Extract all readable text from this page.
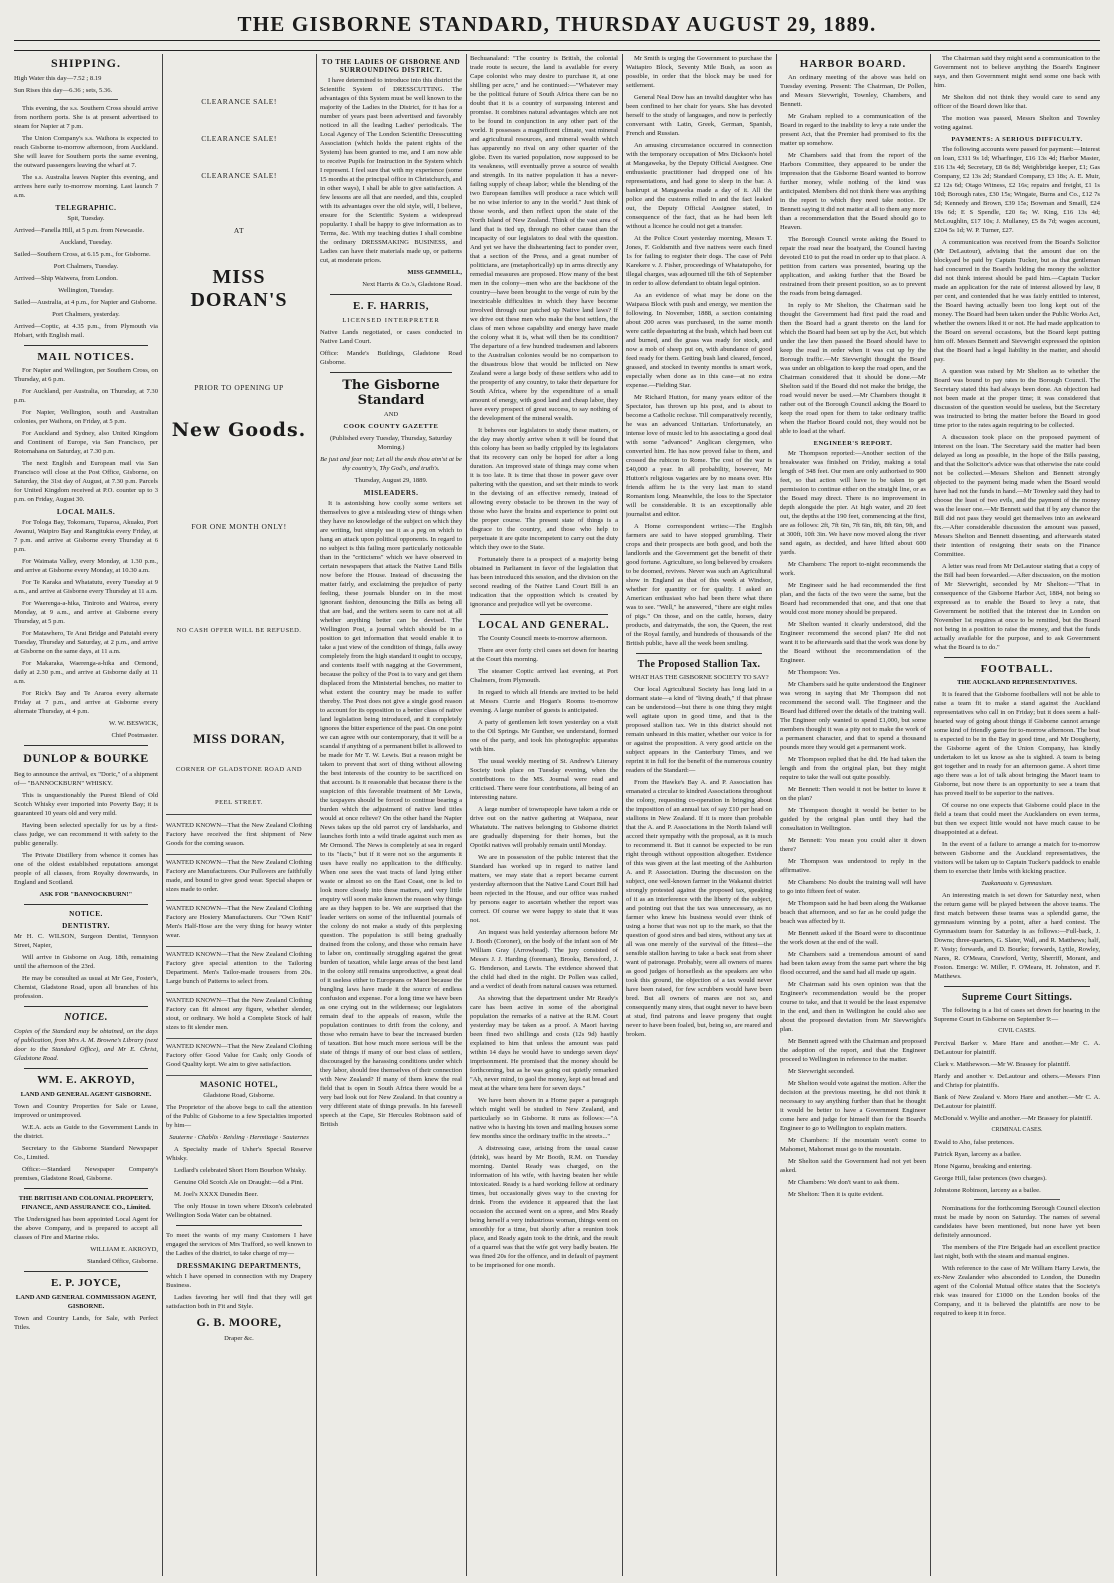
THE GISBORNE STANDARD, THURSDAY AUGUST 29, 1889.
SHIPPING.

High Water this day—7.52 ; 8.19

Sun Rises this day—6.36 ; sets, 5.36.

This evening, the s.s. Southern Cross should arrive from northern ports. She is at present advertised to steam for Napier at 7 p.m.

The Union Company's s.s. Waihora is expected to reach Gisborne to-morrow afternoon, from Auckland. She will leave for Southern ports the same evening, the outward passengers leaving the wharf at 7.

The s.s. Australia leaves Napier this evening, and arrives here early to-morrow morning. Last launch 7 a.m.

TELEGRAPHIC.

Spit, Tuesday.

Arrived—Fanella Hill, at 5 p.m. from Newcastle.

Auckland, Tuesday.

Sailed—Southern Cross, at 6.15 p.m., for Gisborne.

Port Chalmers, Tuesday.

Arrived—Ship Waiwera, from London.

Wellington, Tuesday.

Sailed—Australia, at 4 p.m., for Napier and Gisborne.

Port Chalmers, yesterday.

Arrived—Coptic, at 4.35 p.m., from Plymouth via Hobart, with English mail.

MAIL NOTICES.

For Napier and Wellington, per Southern Cross, on Thursday, at 6 p.m.

For Auckland, per Australia, on Thursday, at 7.30 p.m.

For Napier, Wellington, south and Australian colonies, per Waihora, on Friday, at 5 p.m.

For Auckland and Sydney, also United Kingdom and Continent of Europe, via San Francisco, per Rotomahana on Saturday, at 7.30 p.m.

The next English and European mail via San Francisco will close at the Post Office, Gisborne, on Saturday, the 31st day of August, at 7.30 p.m. Parcels for United Kingdom received at P.O. counter up to 3 p.m. on Friday, August 30.

LOCAL MAILS.

For Tologa Bay, Tokomaru, Tuparoa, Akuaku, Port Awanui, Waipiro Bay and Rangitukia every Friday, at 7 p.m. and arrive at Gisborne every Thursday at 6 p.m.

For Waimata Valley, every Monday, at 1.30 p.m., and arrive at Gisborne every Monday, at 10.30 a.m.

For Te Karaka and Whatatutu, every Tuesday at 9 a.m., and arrive at Gisborne every Thursday at 11 a.m.

For Waerenga-a-hika, Tiniroto and Wairoa, every Monday, at 9 a.m., and arrive at Gisborne every Thursday, at 5 p.m.

For Matawhero, Te Arai Bridge and Patutahi every Tuesday, Thursday and Saturday, at 2 p.m., and arrive at Gisborne on the same days, at 11 a.m.

For Makaraka, Waerenga-a-hika and Ormond, daily at 2.30 p.m., and arrive at Gisborne daily at 11 a.m.

For Rick's Bay and Te Araroa every alternate Friday at 7 p.m., and arrive at Gisborne every alternate Thursday, at 4 p.m.

W. W. BESWICK,

Chief Postmaster.

DUNLOP & BOURKE

Beg to announce the arrival, ex "Doric," of a shipment of— "BANNOCKBURN" WHISKY.

This is unquestionably the Purest Blend of Old Scotch Whisky ever imported into Poverty Bay; it is guaranteed 10 years old and very mild.

Having been selected specially for us by a first-class judge, we can recommend it with safety to the public generally.

The Private Distillery from whence it comes has one of the oldest established reputations amongst people of all classes, from Royalty downwards, in England and Scotland.

ASK FOR "BANNOCKBURN!"

NOTICE.
DENTISTRY.

Mr H. C. WILSON, Surgeon Dentist, Tennyson Street, Napier,

Will arrive in Gisborne on Aug. 18th, remaining until the afternoon of the 23rd.

He may be consulted as usual at Mr Gee, Foster's, Chemist, Gladstone Road, upon all branches of his profession.

NOTICE.

Copies of the Standard may be obtained, on the days of publication, from Mrs A. M. Browne's Library (next door to the Standard Office), and Mr E. Christ, Gladstone Road.

WM. E. AKROYD,

LAND AND GENERAL AGENT GISBORNE.

Town and Country Properties for Sale or Lease, improved or unimproved.

W.E.A. acts as Guide to the Government Lands in the district.

Secretary to the Gisborne Standard Newspaper Co., Limited.

Office:—Standard Newspaper Company's premises, Gladstone Road, Gisborne.

THE BRITISH AND COLONIAL PROPERTY, FINANCE, AND ASSURANCE CO., Limited.

The Undersigned has been appointed Local Agent for the above Company, and is prepared to accept all classes of Fire and Marine risks.

WILLIAM E. AKROYD,

Standard Office, Gisborne.

E. P. JOYCE,

LAND AND GENERAL COMMISSION AGENT, GISBORNE.

Town and Country Lands, for Sale, with Perfect Titles.

CLEARANCE SALE!
CLEARANCE SALE!
CLEARANCE SALE!
AT
MISS DORAN'S
PRIOR TO OPENING UP
New Goods.
FOR ONE MONTH ONLY!
NO CASH OFFER WILL BE REFUSED.
MISS DORAN,
CORNER OF GLADSTONE ROAD AND
PEEL STREET.

WANTED KNOWN—That the New Zealand Clothing Factory have received the first shipment of New Goods for the coming season.

WANTED KNOWN—That the New Zealand Clothing Factory are Manufacturers. Our Pullovers are faithfully made, and bound to give good wear. Special shapes or sizes made to order.

WANTED KNOWN—That the New Zealand Clothing Factory are Hosiery Manufacturers. Our "Own Knit" Men's Half-Hose are the very thing for heavy winter wear.

WANTED KNOWN—That the New Zealand Clothing Factory give special attention to the Tailoring Department. Men's Tailor-made trousers from 20s. Large bunch of Patterns to select from.

WANTED KNOWN—That the New Zealand Clothing Factory can fit almost any figure, whether slender, stout, or ordinary. We hold a Complete Stock of half sizes to fit slender men.

WANTED KNOWN—That the New Zealand Clothing Factory offer Good Value for Cash; only Goods of Good Quality kept. We aim to give satisfaction.

MASONIC HOTEL,

Gladstone Road, Gisborne.

The Proprietor of the above begs to call the attention of the Public of Gisborne to a few Specialties imported by him—

Sauterne · Chablis · Reisling · Hermitage · Sauternes

A Specialty made of Usher's Special Reserve Whisky.

Ledlard's celebrated Short Horn Bourbon Whisky.

Genuine Old Scotch Ale on Draught:—6d a Pint.

M. Joel's XXXX Dunedin Beer.

The only House in town where Dixon's celebrated Wellington Soda Water can be obtained.

To meet the wants of my many Customers I have engaged the services of Mrs Trafford, so well known to the Ladies of the district, to take charge of my—

DRESSMAKING DEPARTMENTS,

which I have opened in connection with my Drapery Business.

Ladies favoring her will find that they will get satisfaction both in Fit and Style.

G. B. MOORE,

Draper &c.

TO THE LADIES OF GISBORNE AND SURROUNDING DISTRICT.

I have determined to introduce into this district the Scientific System of DRESSCUTTING. The advantages of this System must be well known to the majority of the Ladies in the District, for it has for a number of years past been advertised and favorably noticed in all the leading Ladies' periodicals. The Local Agency of The London Scientific Dresscutting Association (which holds the patent rights of the System) has been granted to me, and I am now able to receive Pupils for Instruction in the System which I represent. I feel sure that with my experience (some 15 months at the principal office in Christchurch, and in other ways), I shall be able to give satisfaction. A few lessons are all that are needed, and this, coupled with its advantages over the old style, will, I believe, ensure for the Scientific System a widespread popularity. I shall be happy to give information as to Terms, &c. With my teaching duties I shall combine the ordinary DRESSMAKING BUSINESS, and Ladies can have their materials made up, or patterns cut, at moderate prices.

MISS GEMMELL,

Next Harris & Co.'s, Gladstone Road.

E. F. HARRIS,

LICENSED INTERPRETER

Native Lands negotiated, or cases conducted in Native Land Court.

Office: Mande's Buildings, Gladstone Road Gisborne.

The Gisborne Standard

AND

COOK COUNTY GAZETTE

(Published every Tuesday, Thursday, Saturday Morning.)

Be just and fear not; Let all the ends thou aim'st at be thy country's, Thy God's, and truth's.

Thursday, August 29, 1889.

MISLEADERS.

It is astonishing how coolly some writers set themselves to give a misleading view of things when they have no knowledge of the subject on which they are writing, but simply use it as a peg on which to hang an attack upon political opponents. In regard to no subject is this failing more particularly noticeable than in the "criticisms" which we have observed in certain newspapers that attack the Native Land Bills now before the House. Instead of discussing the matter fairly, and exclaiming the prejudice of party feeling, these journals blunder on in the most ignorant fashion, denouncing the Bills as being all that are bad, and the writers seem to care not at all whether anything better can be devised. The Wellington Post, a journal which should be in a position to get information that would enable it to take a just view of the condition of things, falls away completely from the high standard it ought to occupy, and contents itself with nagging at the Government, because the policy of the Post is to vary and get them displaced from the Ministerial benches, no matter to what extent the country may be made to suffer thereby. The Post does not give a single good reason to account for its opposition to a better class of native land legislation being introduced, and it completely ignores the bitter experience of the past. On one point we can agree with our contemporary, that it will be a scandal if anything of a permanent billet is allowed to be made for Mr T. W. Lewis. But a reason might be taken to prevent that sort of thing without allowing the best interests of the country to be sacrificed on that account. Is it reasonable that because there is the suspicion of this favorable treatment of Mr Lewis, the taxpayers should be forced to continue bearing a burden which the adjustment of native land titles would at once relieve? On the other hand the Napier News takes up the old parrot cry of landsharks, and launches forth into a wild tirade against such men as Mr Ormond. The News is completely at sea in regard to its "facts," but if it were not so the arguments it uses have really no application to the difficulty. When one sees the vast tracts of land lying either waste or almost so on the East Coast, one is led to look more closely into these matters, and very little enquiry will soon make known the reason why things are as they happen to be. We are surprised that the leader writers on some of the influential journals of the colony do not make a study of this perplexing question. The population is still being gradually drained from the colony, and those who remain have to labor on, continually struggling against the great burden of taxation, while large areas of the best land in the colony still remains unproductive, a great deal of it useless either to Europeans or Maori because the bungling laws have made it the source of endless confusion and expense. For a long time we have been as one crying out in the wilderness; our legislators remain deaf to the appeals of reason, while the population continues to drift from the colony, and those who remain have to bear the increased burden of taxation. But how much more serious will be the state of things if many of our best class of settlers, discouraged by the harassing conditions under which they labor, should free themselves of their connection with New Zealand? If many of them knew the real field that is open in South Africa there would be a very bad look out for New Zealand. In that country a very different state of things prevails. In his farewell speech at the Cape, Sir Hercules Robinson said of British

Bechuanaland: "The country is British, the colonial trade route is secure, the land is available for every Cape colonist who may desire to purchase it, at one shilling per acre," and he continued:—"Whatever may be the political future of South Africa there can be no doubt that it is a country of surpassing interest and promise. It combines natural advantages which are not to be found in conjunction in any other part of the world. It possesses a magnificent climate, vast mineral and agricultural resources, and mineral wealth which has apparently no rival on any other quarter of the globe. Even its varied population, now supposed to be its weakness, will eventually prove a source of wealth and strength. In its native population it has a never-failing supply of cheap labor; while the blending of the two European families will produce a race which will be no wise inferior to any in the world." Just think of those words, and then reflect upon the state of the North Island of New Zealand. Think of the vast area of land that is tied up, through no other cause than the incapacity of our legislators to deal with the question. And yet we have the disheartening fact to ponder over, that a section of the Press, and a great number of politicians, are (metaphorically) up in arms directly any remedial measures are proposed. How many of the best men in the colony—men who are the backbone of the country—have been brought to the verge of ruin by the inextricable difficulties in which they have become involved through our patched up Native land laws? If we drive out these men who make the best settlers, the class of men whose capability and energy have made the colony what it is, what will then be its condition? The departure of a few hundred tradesmen and laborers to the Australian colonies would be no comparison to the disastrous blow that would be inflicted on New Zealand were a large body of these settlers who add to the prosperity of any country, to take their departure for South Africa, where by the expenditure of a small amount of energy, with good land and cheap labor, they have every prospect of great success, to say nothing of the development of the mineral wealth.

It behoves our legislators to study these matters, or the day may shortly arrive when it will be found that this colony has been so badly crippled by its legislators that its recovery can only be hoped for after a long duration. An improved state of things may come when it is too late. It is time that those in power gave over paltering with the question, and set their minds to work in the devising of an effective remedy, instead of allowing every obstacle to be thrown in the way of those who have the brains and experience to point out the proper course. The present state of things is a disgrace to the country, and those who help to perpetuate it are quite incompetent to carry out the duty which they owe to the State.

Fortunately there is a prospect of a majority being obtained in Parliament in favor of the legislation that has been introduced this session, and the division on the second reading of the Native Land Court Bill is an indication that the opposition which is created by ignorance and prejudice will yet be overcome.

LOCAL AND GENERAL.

The County Council meets to-morrow afternoon.

There are over forty civil cases set down for hearing at the Court this morning.

The steamer Coptic arrived last evening, at Port Chalmers, from Plymouth.

In regard to which all friends are invited to be held at Messrs Currie and Hogan's Rooms to-morrow evening. A large number of guests is anticipated.

A party of gentlemen left town yesterday on a visit to the Oil Springs. Mr Gunther, we understand, formed one of the party, and took his photographic apparatus with him.

The usual weekly meeting of St. Andrew's Literary Society took place on Tuesday evening, when the contributions to the MS. Journal were read and criticised. There were four contributions, all being of an interesting nature.

A large number of townspeople have taken a ride or drive out on the native gathering at Waipaoa, near Whatatutu. The natives belonging to Gisborne district are gradually dispersing for their homes, but the Opotiki natives will probably remain until Monday.

We are in possession of the public interest that the Standard has worked up in regard to native land matters, we may state that a report became current yesterday afternoon that the Native Land Court Bill had been rejected in the House, and our office was rushed by persons eager to ascertain whether the report was correct. Of course we were happy to state that it was not.

An inquest was held yesterday afternoon before Mr J. Booth (Coroner), on the body of the infant son of Mr William Gray (Arrowhead). The jury consisted of Messrs J. J. Harding (foreman), Brooks, Beresford, J. G. Henderson, and Lewis. The evidence showed that the child had died in the night. Dr Pollen was called, and a verdict of death from natural causes was returned.

As showing that the department under Mr Ready's care has been active in some of the aboriginal population the remarks of a native at the R.M. Court yesterday may be taken as a proof. A Maori having been fined two shillings and costs (12s 9d) hastily explained to him that unless the amount was paid within 14 days he would have to undergo seven days' imprisonment. He promised that the money should be forthcoming, but as he was going out quietly remarked "Ah, never mind, to gaol the money, kept eat bread and meat at the whare tera here for seven days."

We have been shown in a Home paper a paragraph which might well be studied in New Zealand, and particularly so in Gisborne. It runs as follows:—"A native who is having his town and mailing houses some few months since the ordinary traffic in the streets..."

A distressing case, arising from the usual cause (drink), was heard by Mr Booth, R.M. on Tuesday morning. Daniel Ready was charged, on the information of his wife, with having beaten her while intoxicated. Ready is a hard working fellow at ordinary times, but occasionally gives way to the craving for drink. From the evidence it appeared that the last occasion the accused went on a spree, and Mrs Ready being herself a very industrious woman, things went on smoothly for a time, but shortly after a reunion took place, and Ready again took to the drink, and the result of a quarrel was that the wife got very badly beaten. He was fined 20s for the offence, and in default of payment to be imprisoned for one month.

Mr Smith is urging the Government to purchase the Waitapiro Block, Seventy Mile Bush, as soon as possible, in order that the block may be used for settlement.

General Neal Dow has an invalid daughter who has been confined to her chair for years. She has devoted herself to the study of languages, and now is perfectly conversant with Latin, Greek, German, Spanish, French and Russian.

An amusing circumstance occurred in connection with the temporary occupation of Mrs Dickson's hotel at Mangaweka, by the Deputy Official Assignee. One enthusiastic practitioner had dropped one of his representations, and had gone to sleep in the bar. A bankrupt at Mangaweka made a day of it. All the police and the customs rolled in and the fact leaked out, the Deputy Official Assignee stated, in consequence of the fact, that as he had been left without a licence he could not get a transfer.

At the Police Court yesterday morning, Messrs T. Jones, F. Goldsmith and five natives were each fined 1s for failing to register their dogs. The case of Pehi Karekere v. J. Fisher, proceedings of Whatatupoho, for illegal charges, was adjourned till the 6th of September in order to allow defendant to obtain legal opinion.

As an evidence of what may be done on the Waipaoa Block with push and energy, we mention the following. In November, 1888, a section containing about 200 acres was purchased, in the same month were cattle depasturing at the bush, which had been cut and burned, and the grass was ready for stock, and now a mob of sheep put on, with abundance of good feed ready for them. Getting bush land cleared, fenced, grassed, and stocked in twenty months is smart work, especially when done as in this case—at no extra expense.—Fielding Star.

Mr Richard Hutton, for many years editor of the Spectator, has thrown up his post, and is about to become a Catholic recluse. Till comparatively recently, he was an advanced Unitarian. Unfortunately, an intense love of music led to his associating a good deal with some "advanced" Anglican clergymen, who converted him. He has now proved false to them, and crossed the rubicon to Rome. The cost of the war is £40,000 a year. In all probability, however, Mr Hutton's religious vagaries are by no means over. His friends affirm he is the very last man to stand Romanism long. Meanwhile, the loss to the Spectator will be considerable. It is an exceptionally able journalist and editor.

A Home correspondent writes:—The English farmers are said to have stopped grumbling. Their crops and their prospects are both good, and both the landlords and the Government get the benefit of their good fortune. Agriculture, so long believed by croakers to be doomed, revives. Never was such an Agricultural show in England as that of this week at Windsor, whether for quantity or for quality. I asked an American enthusiast who had been there what there was to see. "Well," he answered, "there are eight miles of pigs." On those, and on the cattle, horses, dairy products, and dairymaids, the son, the Queen, the rest of the Royal family, and hundreds of thousands of the British public, have all the week been smiling.

The Proposed Stallion Tax.

WHAT HAS THE GISBORNE SOCIETY TO SAY?

Our local Agricultural Society has long laid in a dormant state—a kind of "living death," if that phrase can be understood—but there is one thing they might well agitate upon in good time, and that is the proposed stallion tax. We in this district should not remain unheard in this matter, whether our voice is for or against the proposition. A very good article on the subject appears in the Canterbury Times, and we reprint it in full for the benefit of the numerous country readers of the Standard:—

From the Hawke's Bay A. and P. Association has emanated a circular to kindred Associations throughout the colony, requesting co-operation in bringing about the imposition of an annual tax of say £10 per head on stallions in New Zealand. If it is more than probable that the A. and P. Associations in the North Island will accord their sympathy with the proposal, as it is much to recommend it. But it cannot be expected to be run right through without opposition altogether. Evidence of this was given at the last meeting of the Ashburton A. and P. Association. During the discussion on the subject, one well-known farmer in the Wakanui district strongly protested against the proposed tax, speaking of it as an interference with the liberty of the subject, and pointing out that the tax was unnecessary, as no farmer who knew his business would ever think of using a horse that was not up to the mark, so that the question of good sires and bad sires, without any tax at all was one merely of the survival of the fittest—the sensible stallion having to take a back seat from sheer want of patronage. Probably, were all owners of mares as good judges of horseflesh as the speakers are who took this ground, the objection of a tax would never have been raised, for few scrubbers would have been bred. But all owners of mares are not so, and consequently many sires, that ought never to have been at stud, find patrons and leave progeny that ought never to have been foaled, but, being so, are reared and broken.

HARBOR BOARD.

An ordinary meeting of the above was held on Tuesday evening. Present: The Chairman, Dr Pollen, and Messrs Sievwright, Townley, Chambers, and Bennett.

Mr Graham replied to a communication of the Board in regard to the inability to levy a rate under the present Act, that the Premier had promised to fix the matter up somehow.

Mr Chambers said that from the report of the Harbors Committee, they appeared to be under the impression that the Gisborne Board wanted to borrow further money, while nothing of the kind was anticipated. Members did not think there was anything in the report to which they need take notice. Dr Bennett saying it did not matter at all to them any more than a recommendation that the Board should go to Heaven.

The Borough Council wrote asking the Board to repair the road near the boatyard, the Council having devoted £10 to put the road in order up to that place. A petition from carters was presented, bearing up the application, and asking further that the Board be restrained from their present position, so as to prevent the roads from being damaged.

In reply to Mr Shelton, the Chairman said he thought the Government had first paid the road and then the Board had a grant thereto on the land for which the Board had been set up by the Act, but which under the law then passed the Board should have to keep the road in order when it was cut up by the Borough traffic.—Mr Sievwright thought the Board was under an obligation to keep the road open, and the Chairman considered that it should be done.—Mr Shelton said if the Board did not make the bridge, the road would never be used.—Mr Chambers thought it rather out of the Borough Council asking the Board to keep the road open for them to take ordinary traffic when the Harbor Board could not, they would not be able to load at the wharf.

ENGINEER'S REPORT.

Mr Thompson reported:—Another section of the breakwater was finished on Friday, making a total length of 348 feet. Our men are only authorised to 900 feet, so that action will have to be taken to get permission to continue either on the straight line, or as the Board may direct. There is no improvement in depth alongside the pier. At high water, and 20 feet out, the depths at the 190 feet, commencing at the first, are as follows: 2ft, 7ft 6in, 7ft 6in, 8ft, 8ft 6in, 9ft, and at 300ft, 10ft 3in. We have now moved along the river sand again, as decided, and have lifted about 600 yards.

Mr Chambers: The report to-night recommends the work.

Mr Engineer said he had recommended the first plan, and the facts of the two were the same, but the Board had recommended that one, and that one that would cost more money should be prepared.

Mr Shelton wanted it clearly understood, did the Engineer recommend the second plan? He did not want it to be afterwards said that the work was done by the Board without the recommendation of the Engineer.

Mr Thompson: Yes.

Mr Chambers said he quite understood the Engineer was wrong in saying that Mr Thompson did not recommend the second wall. The Engineer and the Board had differed over the details of the training wall. The Engineer only wanted to spend £1,000, but some members thought it was a pity not to make the work of a permanent character, and that to spend a thousand pounds more they would get a permanent work.

Mr Thompson replied that he did. He had taken the length and from the original plan, but they might require to take the wall out quite possibly.

Mr Bennett: Then would it not be better to leave it on the plan?

Mr Thompson thought it would be better to be guided by the original plan until they had the consultation in Wellington.

Mr Bennett: You mean you could alter it down there?

Mr Thompson was understood to reply in the affirmative.

Mr Chambers: No doubt the training wall will have to go into fifteen feet of water.

Mr Thompson said he had been along the Waikanae beach that afternoon, and so far as he could judge the beach was affected by it.

Mr Bennett asked if the Board were to discontinue the work down at the end of the wall.

Mr Chambers said a tremendous amount of sand had been taken away from the same part where the big flood occurred, and the sand had all made up again.

Mr Chairman said his own opinion was that the Engineer's recommendation would be the proper course to take, and that it would be the least expensive in the end, and then in Wellington he could also see about the proposed deviation from Mr Sievwright's plan.

Mr Bennett agreed with the Chairman and proposed the adoption of the report, and that the Engineer proceed to Wellington in reference to the matter.

Mr Sievwright seconded.

Mr Shelton would vote against the motion. After the decision at the previous meeting, he did not think it necessary to say anything further than that he thought it would be better to have a Government Engineer come here and judge for himself than for the Board's Engineer to go to Wellington to explain matters.

Mr Chambers: If the mountain won't come to Mahomet, Mahomet must go to the mountain.

Mr Shelton said the Government had not yet been asked.

Mr Chambers: We don't want to ask them.

Mr Shelton: Then it is quite evident.

The Chairman said they might send a communication to the Government not to believe anything the Board's Engineer says, and then Government might send some one back with him.

Mr Shelton did not think they would care to send any officer of the Board down like that.

The motion was passed, Messrs Shelton and Townley voting against.

PAYMENTS: A SERIOUS DIFFICULTY.

The following accounts were passed for payment:—Interest on loan, £311 9s 1d; Wharfinger, £16 13s 4d; Harbor Master, £16 13s 4d; Secretary, £8 6s 8d; Weighbridge keeper, £1; Gas Company, £2 13s 2d; Standard Company, £3 18s; A. E. Muir, £2 12s 6d; Otago Witness, £2 16s; repairs and freight, £1 1s 10d; Borough rates, £30 15s; Wingate, Burns and Co., £12 7s 5d; Kennedy and Brown, £39 15s; Bowman and Smaill, £24 19s 6d; E S Spendle, £20 6s; W. King, £16 13s 4d; McLoughlin, £17 10s; J. Mullaney, £5 8s 7d; wages account, £204 5s 1d; W. P. Turner, £27.

A communication was received from the Board's Solicitor (Mr DeLautour), advising that the amount due on the blockyard be paid by Captain Tucker, but as that gentleman had concurred in the Board's holding the money the solicitor did not think interest should be paid him.—Captain Tucker made an application for the rate of interest allowed by law, 8 per cent, and contended that he was fairly entitled to interest, the Board having actually been too long kept out of the money. The Board had been taken under the Public Works Act, whether the owners liked it or not. He had made application to the Board on several occasions, but the Board kept putting him off. Messrs Bennett and Sievwright expressed the opinion that the Board had a legal liability in the matter, and should pay.

A question was raised by Mr Shelton as to whether the Board was bound to pay rates to the Borough Council. The Secretary stated this had always been done. An objection had not been made at the proper time; it was considered that discussion of the question would be useless, but the Secretary was instructed to bring the matter before the Board in good time prior to the rates again requiring to be collected.

A discussion took place on the proposed payment of interest on the loan. The Secretary said the matter had been delayed as long as possible, in the hope of the Bills passing, and that the Solicitor's advice was that otherwise the rate could not be collected.—Messrs Shelton and Bennett strongly objected to the payment being made when the Board would have had not the funds in hand.—Mr Townley said they had to choose the least of two evils, and the payment of the money was the lesser one.—Mr Bennett said that if by any chance the Bill did not pass they would get themselves into an awkward fix.—After considerable discussion the amount was passed, Messrs Shelton and Bennett dissenting, and afterwards stated their intention of resigning their seats on the Finance Committee.

A letter was read from Mr DeLautour stating that a copy of the Bill had been forwarded.—After discussion, on the motion of Mr Sievwright, seconded by Mr Shelton:—"That in consequence of the Gisborne Harbor Act, 1884, not being so expressed as to enable the Board to levy a rate, that Government be notified that the interest due in London on November 1st requires at once to be remitted, but the Board not being in a position to raise the money, and that the funds actually available for the purpose, and to ask Government what the Board is to do."

FOOTBALL.

THE AUCKLAND REPRESENTATIVES.

It is feared that the Gisborne footballers will not be able to raise a team fit to make a stand against the Auckland representatives who call in on Friday; but it does seem a half-hearted way of going about things if Gisborne cannot arrange some kind of friendly game for to-morrow afternoon. The boat is expected to be in the Bay in good time, and Mr Dougherty, the Gisborne agent of the Union Company, has kindly undertaken to let us know as she is sighted. A team is being got together and in ready for an afternoon game. A short time ago there was a lot of talk about bringing the Maori team to Gisborne, but now there is an opportunity to see a team that has proved itself to be superior to the natives.

Of course no one expects that Gisborne could place in the field a team that could meet the Aucklanders on even terms, but then we expect little would not have much cause to be disappointed at a defeat.

In the event of a failure to arrange a match for to-morrow between Gisborne and the Auckland representatives, the visitors will be taken up to Captain Tucker's paddock to enable them to exercise their limbs with kicking practice.

Tuakanaatu v. Gymnasium.

An interesting match is set down for Saturday next, when the return game will be played between the above teams. The first match between these teams was a splendid game, the gymnasium winning by a point, after a hard contest. The Gymnasium team for Saturday is as follows:—Full-back, J. Downs; three-quarters, G. Slater, Wall, and R. Matthews; half, F. Vesty; forwards, and D. Bourke; forwards, Lyttle, Rowley, Nares, R. O'Meara, Crawford, Verity, Sherriff, Morant, and Foston. Emergs: W. Miller, F. O'Meara, H. Johnston, and F. Matthews.

Supreme Court Sittings.

The following is a list of cases set down for hearing in the Supreme Court in Gisborne on September 9:—

CIVIL CASES.

Percival Barker v. Mare Hare and another.—Mr C. A. DeLautour for plaintiff.

Clark v. Matthewson.—Mr W. Brassey for plaintiff.

Hardy and another v. DeLautour and others.—Messrs Finn and Chrisp for plaintiffs.

Bank of New Zealand v. Moro Hare and another.—Mr C. A. DeLautour for plaintiff.

McDonald v. Wyllie and another.—Mr Brassey for plaintiff.

CRIMINAL CASES.

Ewald to Aho, false pretences.

Patrick Ryan, larceny as a bailee.

Hone Ngamu, breaking and entering.

George Hill, false pretences (two charges).

Johnstone Robinson, larceny as a bailee.

Nominations for the forthcoming Borough Council election must be made by noon on Saturday. The names of several candidates have been mentioned, but none have yet been definitely announced.

The members of the Fire Brigade had an excellent practice last night, both with the steam and manual engines.

With reference to the case of Mr William Harry Lewis, the ex-New Zealander who absconded to London, the Dunedin agent of the Colonial Mutual office states that the Society's risk was insured for £1000 on the London books of the Company, and it is believed the plaintiffs are now to be required to keep it in force.
